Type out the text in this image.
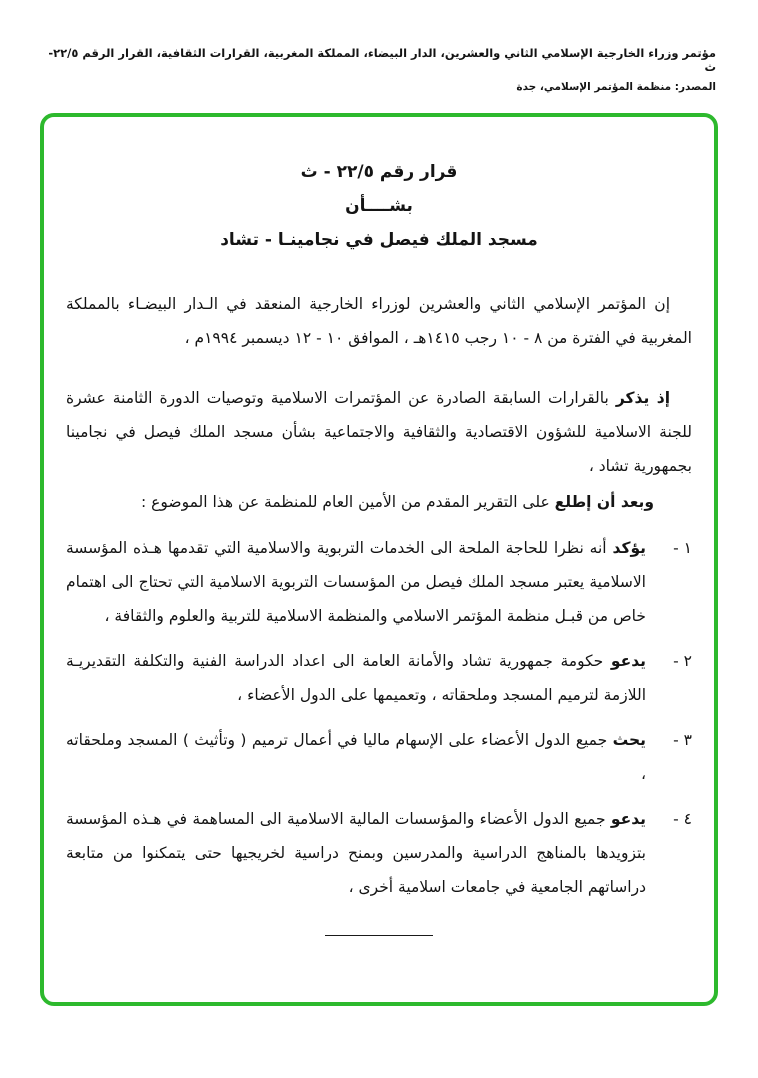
مؤتمر وزراء الخارجية الإسلامي الثاني والعشرين، الدار البيضاء، المملكة المغربية، القرارات الثقافية، القرار الرقم ٢٢/٥-ث
المصدر: منظمة المؤتمر الإسلامي، جدة
قرار رقم ٢٢/٥ - ث
بشــــأن
مسجد الملك فيصل في نجامينـا - تشاد

إن المؤتمر الإسلامي الثاني والعشرين لوزراء الخارجية المنعقد في الـدار البيضـاء بالمملكة المغربية في الفترة من ٨ - ١٠ رجب ١٤١٥هـ ، الموافق ١٠ - ١٢ ديسمبر ١٩٩٤م ،

إذ يذكر بالقرارات السابقة الصادرة عن المؤتمرات الاسلامية وتوصيات الدورة الثامنة عشرة للجنة الاسلامية للشؤون الاقتصادية والثقافية والاجتماعية بشأن مسجد الملك فيصل في نجامينا بجمهورية تشاد ،

وبعد أن إطلع على التقرير المقدم من الأمين العام للمنظمة عن هذا الموضوع :

١ -
يؤكد أنه نظرا للحاجة الملحة الى الخدمات التربوية والاسلامية التي تقدمها هـذه المؤسسة الاسلامية يعتبر مسجد الملك فيصل من المؤسسات التربوية الاسلامية التي تحتاج الى اهتمام خاص من قبـل منظمة المؤتمر الاسلامي والمنظمة الاسلامية للتربية والعلوم والثقافة ،
٢ -
يدعو حكومة جمهورية تشاد والأمانة العامة الى اعداد الدراسة الفنية والتكلفة التقديريـة اللازمة لترميم المسجد وملحقاته ، وتعميمها على الدول الأعضاء ،
٣ -
يحث جميع الدول الأعضاء على الإسهام ماليا في أعمال ترميم ( وتأثيث ) المسجد وملحقاته ،
٤ -
يدعو جميع الدول الأعضاء والمؤسسات المالية الاسلامية الى المساهمة في هـذه المؤسسة بتزويدها بالمناهج الدراسية والمدرسين وبمنح دراسية لخريجيها حتى يتمكنوا من متابعة دراساتهم الجامعية في جامعات اسلامية أخرى ،
